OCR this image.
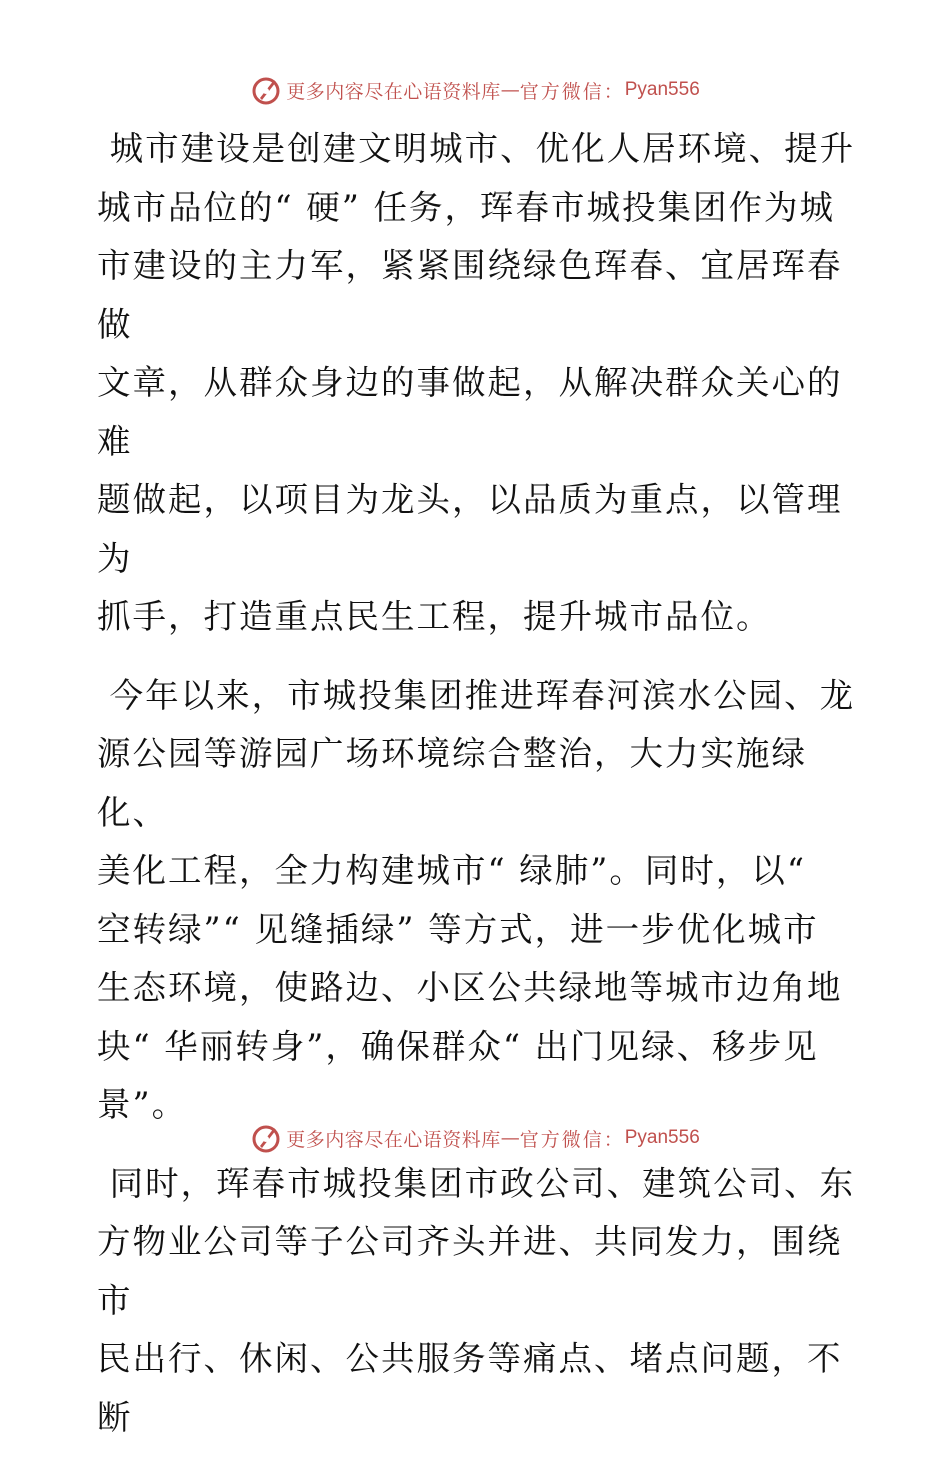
更多内容尽在心语资料库 — 官方微信： Pyan556

城市建设是创建文明城市、优化人居环境、提升
城市品位的“ 硬” 任务，珲春市城投集团作为城
市建设的主力军，紧紧围绕绿色珲春、宜居珲春做
文章，从群众身边的事做起，从解决群众关心的难
题做起，以项目为龙头，以品质为重点，以管理为
抓手，打造重点民生工程，提升城市品位。

今年以来，市城投集团推进珲春河滨水公园、龙
源公园等游园广场环境综合整治，大力实施绿化、
美化工程，全力构建城市“ 绿肺”。同时，以“
空转绿”“ 见缝插绿” 等方式，进一步优化城市
生态环境，使路边、小区公共绿地等城市边角地
块“ 华丽转身”，确保群众“ 出门见绿、移步见
景”。

同时，珲春市城投集团市政公司、建筑公司、东
方物业公司等子公司齐头并进、共同发力，围绕市
民出行、休闲、公共服务等痛点、堵点问题，不断

更多内容尽在心语资料库 — 官方微信： Pyan556
